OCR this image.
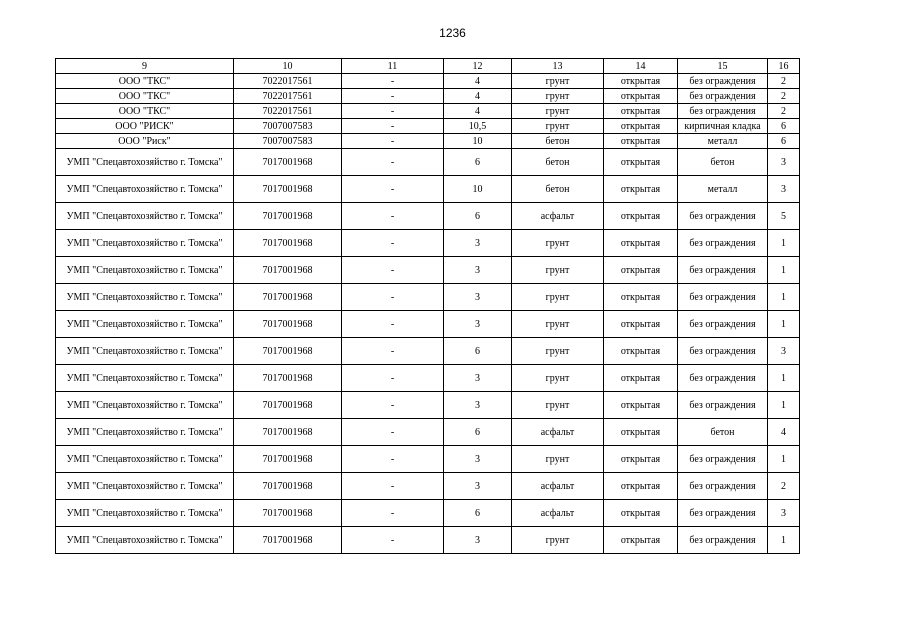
1236
9	10	11	12	13	14	15	16
ООО "ТКС"	7022017561	-	4	грунт	открытая	без ограждения	2
ООО "ТКС"	7022017561	-	4	грунт	открытая	без ограждения	2
ООО "ТКС"	7022017561	-	4	грунт	открытая	без ограждения	2
ООО "РИСК"	7007007583	-	10,5	грунт	открытая	кирпичная кладка	6
ООО "Риск"	7007007583	-	10	бетон	открытая	металл	6
УМП "Спецавтохозяйство г. Томска"	7017001968	-	6	бетон	открытая	бетон	3
УМП "Спецавтохозяйство г. Томска"	7017001968	-	10	бетон	открытая	металл	3
УМП "Спецавтохозяйство г. Томска"	7017001968	-	6	асфальт	открытая	без ограждения	5
УМП "Спецавтохозяйство г. Томска"	7017001968	-	3	грунт	открытая	без ограждения	1
УМП "Спецавтохозяйство г. Томска"	7017001968	-	3	грунт	открытая	без ограждения	1
УМП "Спецавтохозяйство г. Томска"	7017001968	-	3	грунт	открытая	без ограждения	1
УМП "Спецавтохозяйство г. Томска"	7017001968	-	3	грунт	открытая	без ограждения	1
УМП "Спецавтохозяйство г. Томска"	7017001968	-	6	грунт	открытая	без ограждения	3
УМП "Спецавтохозяйство г. Томска"	7017001968	-	3	грунт	открытая	без ограждения	1
УМП "Спецавтохозяйство г. Томска"	7017001968	-	3	грунт	открытая	без ограждения	1
УМП "Спецавтохозяйство г. Томска"	7017001968	-	6	асфальт	открытая	бетон	4
УМП "Спецавтохозяйство г. Томска"	7017001968	-	3	грунт	открытая	без ограждения	1
УМП "Спецавтохозяйство г. Томска"	7017001968	-	3	асфальт	открытая	без ограждения	2
УМП "Спецавтохозяйство г. Томска"	7017001968	-	6	асфальт	открытая	без ограждения	3
УМП "Спецавтохозяйство г. Томска"	7017001968	-	3	грунт	открытая	без ограждения	1
